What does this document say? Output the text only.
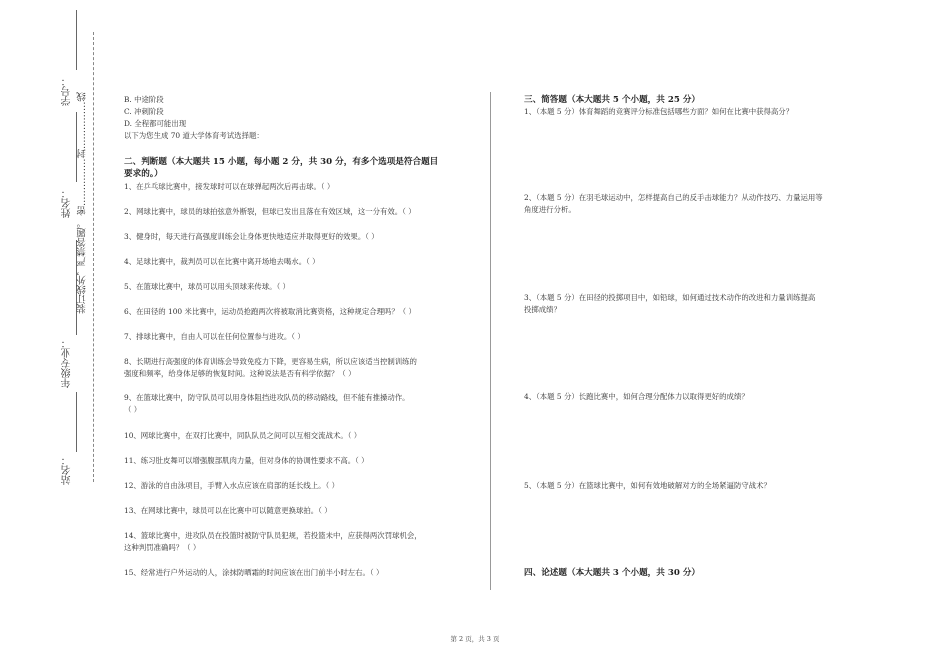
学号：
姓名：
年级专业：
站名：
装订线外，严禁答题。 密……………封……………线	B. 中途阶段
C. 冲刺阶段
D. 全程都可能出现
以下为您生成 70 道大学体育考试选择题：
二、判断题（本大题共 15 小题，每小题 2 分，共 30 分，有多个选项是符合题目
要求的。）
1、在乒乓球比赛中，接发球时可以在球弹起两次后再击球。（ ）
2、网球比赛中，球员的球拍弦意外断裂，但球已发出且落在有效区域，这一分有效。（ ）
3、健身时，每天进行高强度训练会让身体更快地适应并取得更好的效果。（ ）
4、足球比赛中，裁判员可以在比赛中离开场地去喝水。（ ）
5、在篮球比赛中，球员可以用头顶球来传球。（ ）
6、在田径的 100 米比赛中，运动员抢跑两次将被取消比赛资格，这种规定合理吗？（ ）
7、排球比赛中，自由人可以在任何位置参与进攻。（ ）
8、长期进行高强度的体育训练会导致免疫力下降，更容易生病，所以应该适当控制训练的
强度和频率，给身体足够的恢复时间。这种说法是否有科学依据？（ ）
9、在篮球比赛中，防守队员可以用身体阻挡进攻队员的移动路线，但不能有推搡动作。
（ ）
10、网球比赛中，在双打比赛中，同队队员之间可以互相交流战术。（ ）
11、练习肚皮舞可以增强腹部肌肉力量，但对身体的协调性要求不高。（ ）
12、游泳的自由泳项目，手臂入水点应该在肩部的延长线上。（ ）
13、在网球比赛中，球员可以在比赛中可以随意更换球拍。（ ）
14、篮球比赛中，进攻队员在投篮时被防守队员犯规，若投篮未中，应获得两次罚球机会，
这种判罚准确吗？（ ）
15、经常进行户外运动的人，涂抹防晒霜的时间应该在出门前半小时左右。（ ）
三、简答题（本大题共 5 个小题，共 25 分）
1、（本题 5 分）体育舞蹈的竞赛评分标准包括哪些方面？如何在比赛中获得高分？
2、（本题 5 分）在羽毛球运动中，怎样提高自己的反手击球能力？从动作技巧、力量运用等
角度进行分析。
3、（本题 5 分）在田径的投掷项目中，如铅球，如何通过技术动作的改进和力量训练提高
投掷成绩？
4、（本题 5 分）长跑比赛中，如何合理分配体力以取得更好的成绩？
5、（本题 5 分）在篮球比赛中，如何有效地破解对方的全场紧逼防守战术？
四、论述题（本大题共 3 个小题，共 30 分）
第 2 页，共 3 页
